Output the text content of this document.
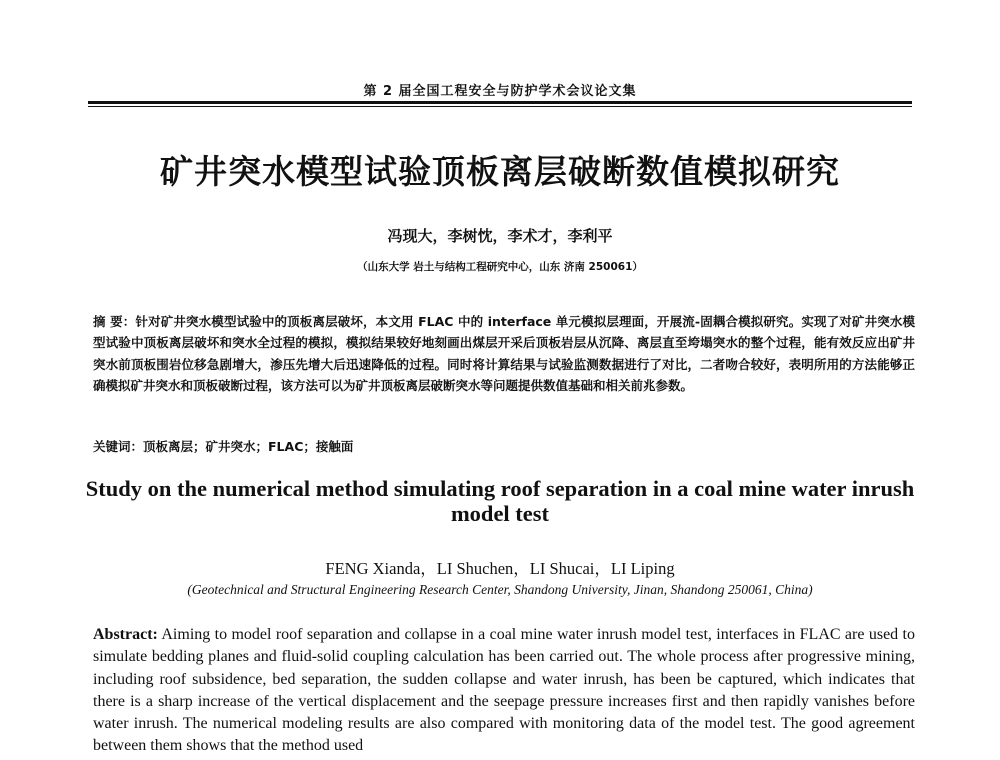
第 2 届全国工程安全与防护学术会议论文集
矿井突水模型试验顶板离层破断数值模拟研究
冯现大，李树忱，李术才，李利平
（山东大学 岩土与结构工程研究中心，山东 济南 250061）
摘 要：针对矿井突水模型试验中的顶板离层破坏，本文用 FLAC 中的 interface 单元模拟层理面，开展流-固耦合模拟研究。实现了对矿井突水模型试验中顶板离层破坏和突水全过程的模拟，模拟结果较好地刻画出煤层开采后顶板岩层从沉降、离层直至垮塌突水的整个过程，能有效反应出矿井突水前顶板围岩位移急剧增大，渗压先增大后迅速降低的过程。同时将计算结果与试验监测数据进行了对比，二者吻合较好，表明所用的方法能够正确模拟矿井突水和顶板破断过程，该方法可以为矿井顶板离层破断突水等问题提供数值基础和相关前兆参数。
关键词：顶板离层；矿井突水；FLAC；接触面
Study on the numerical method simulating roof separation in a coal mine water inrush model test
FENG Xianda，LI Shuchen，LI Shucai，LI Liping
(Geotechnical and Structural Engineering Research Center, Shandong University, Jinan, Shandong 250061, China)
Abstract: Aiming to model roof separation and collapse in a coal mine water inrush model test, interfaces in FLAC are used to simulate bedding planes and fluid-solid coupling calculation has been carried out. The whole process after progressive mining, including roof subsidence, bed separation, the sudden collapse and water inrush, has been be captured, which indicates that there is a sharp increase of the vertical displacement and the seepage pressure increases first and then rapidly vanishes before water inrush. The numerical modeling results are also compared with monitoring data of the model test. The good agreement between them shows that the method used
